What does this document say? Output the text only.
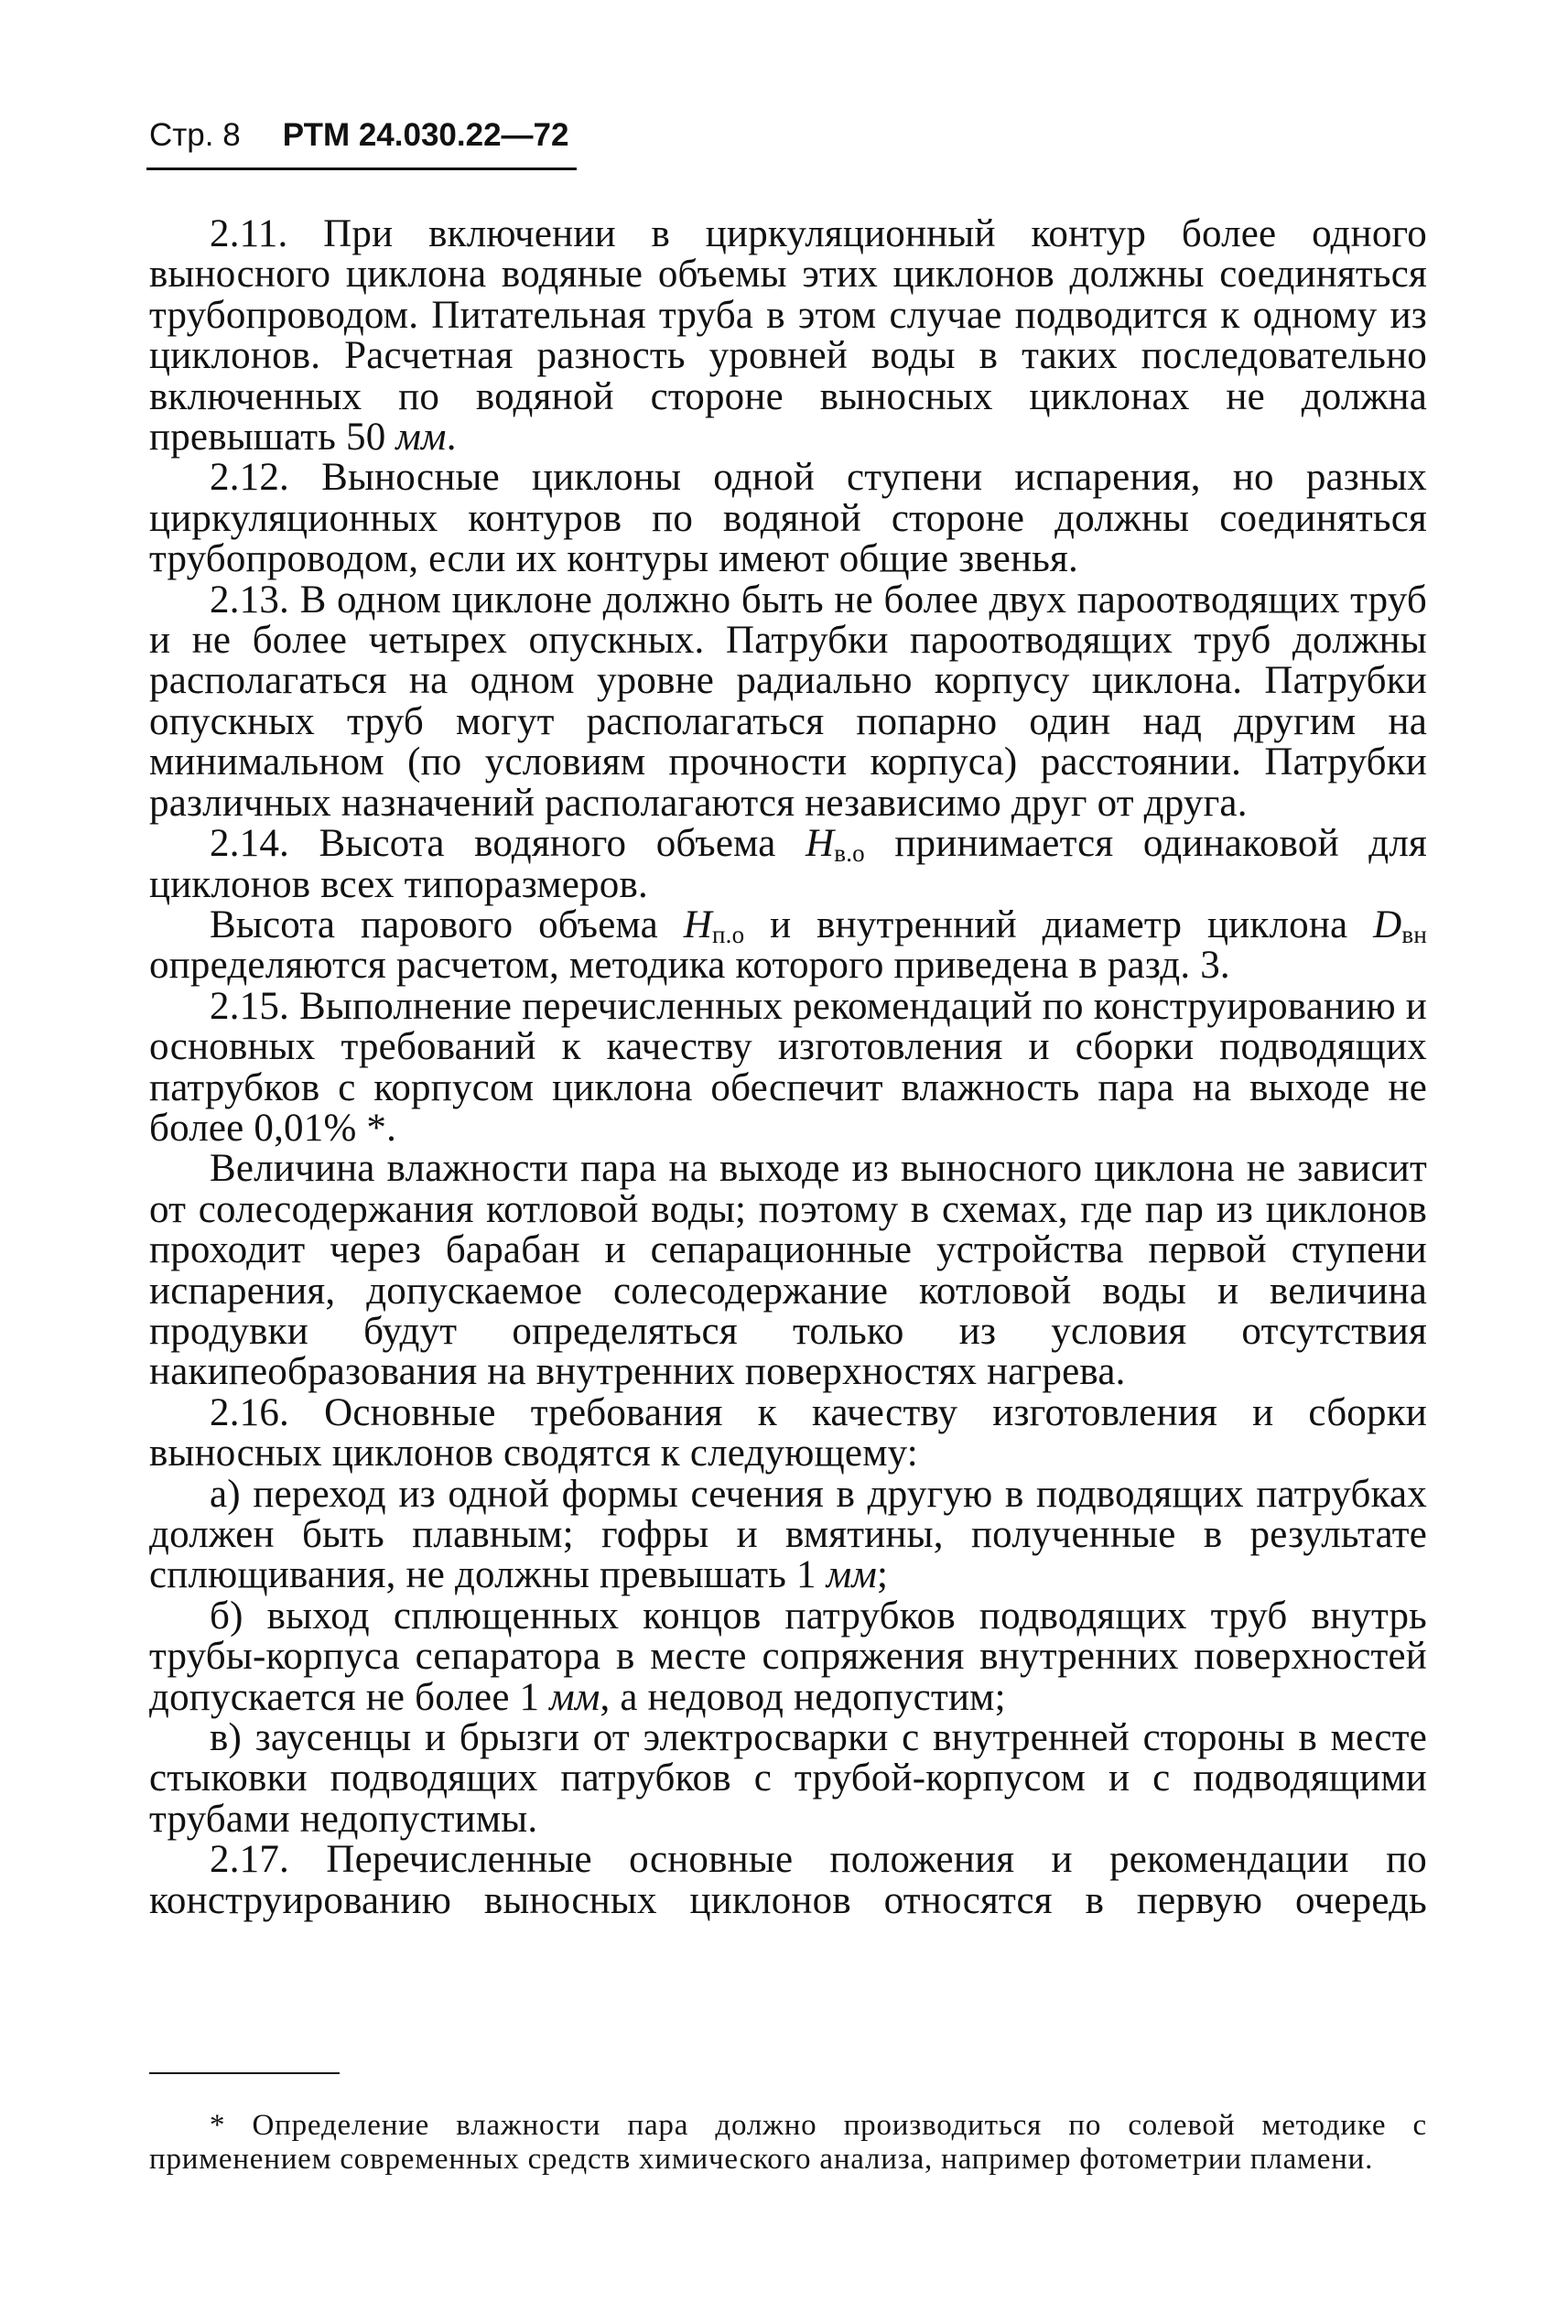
Стр. 8 РТМ 24.030.22—72

2.11. При включении в циркуляционный контур более одного выносного циклона водяные объемы этих циклонов должны соединяться трубопроводом. Питательная труба в этом случае подводится к одному из циклонов. Расчетная разность уровней воды в таких последовательно включенных по водяной стороне выносных циклонах не должна превышать 50 мм.

2.12. Выносные циклоны одной ступени испарения, но разных циркуляционных контуров по водяной стороне должны соединяться трубопроводом, если их контуры имеют общие звенья.

2.13. В одном циклоне должно быть не более двух пароотводящих труб и не более четырех опускных. Патрубки пароотводящих труб должны располагаться на одном уровне радиально корпусу циклона. Патрубки опускных труб могут располагаться попарно один над другим на минимальном (по условиям прочности корпуса) расстоянии. Патрубки различных назначений располагаются независимо друг от друга.

2.14. Высота водяного объема $H_{в.о}$ принимается одинаковой для циклонов всех типоразмеров.

Высота парового объема $H_{п.о}$ и внутренний диаметр циклона $D_{вн}$ определяются расчетом, методика которого приведена в разд. 3.

2.15. Выполнение перечисленных рекомендаций по конструированию и основных требований к качеству изготовления и сборки подводящих патрубков с корпусом циклона обеспечит влажность пара на выходе не более 0,01% *.

Величина влажности пара на выходе из выносного циклона не зависит от солесодержания котловой воды; поэтому в схемах, где пар из циклонов проходит через барабан и сепарационные устройства первой ступени испарения, допускаемое солесодержание котловой воды и величина продувки будут определяться только из условия отсутствия накипеобразования на внутренних поверхностях нагрева.

2.16. Основные требования к качеству изготовления и сборки выносных циклонов сводятся к следующему:

а) переход из одной формы сечения в другую в подводящих патрубках должен быть плавным; гофры и вмятины, полученные в результате сплющивания, не должны превышать 1 мм;

б) выход сплющенных концов патрубков подводящих труб внутрь трубы-корпуса сепаратора в месте сопряжения внутренних поверхностей допускается не более 1 мм, а недовод недопустим;

в) заусенцы и брызги от электросварки с внутренней стороны в месте стыковки подводящих патрубков с трубой-корпусом и с подводящими трубами недопустимы.

2.17. Перечисленные основные положения и рекомендации по конструированию выносных циклонов относятся в первую очередь

* Определение влажности пара должно производиться по солевой методике с применением современных средств химического анализа, например фотометрии пламени.
